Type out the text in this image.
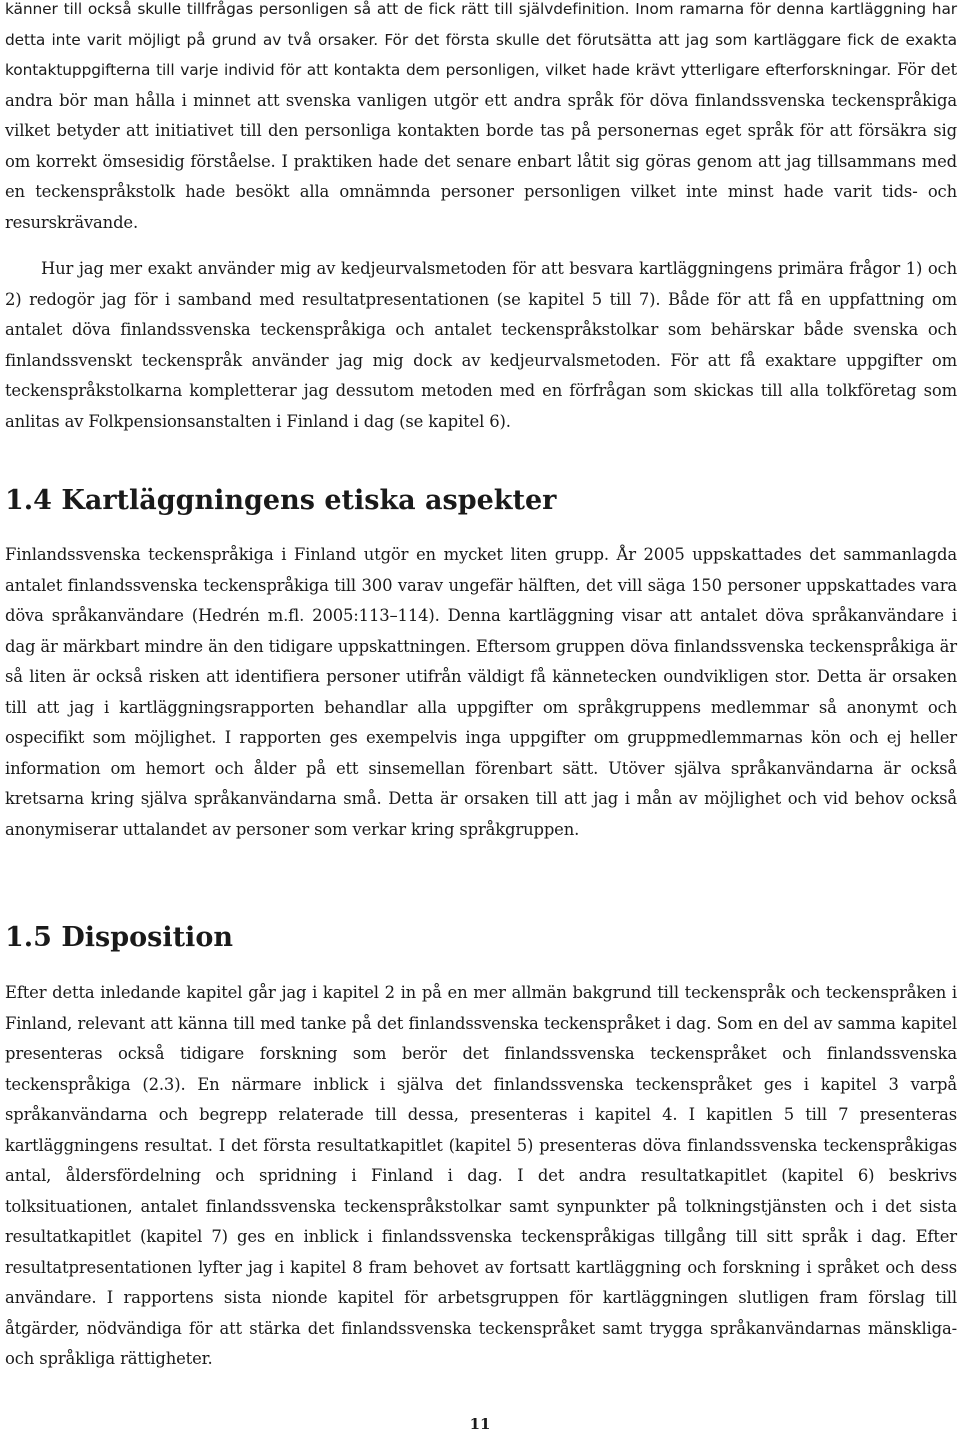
känner till också skulle tillfrågas personligen så att de fick rätt till självdefinition. Inom ramarna för denna kartläggning har detta inte varit möjligt på grund av två orsaker. För det första skulle det förutsätta att jag som kartläggare fick de exakta kontaktuppgifterna till varje individ för att kontakta dem personligen, vilket hade krävt ytterligare efterforskningar. För det andra bör man hålla i minnet att svenska vanligen utgör ett andra språk för döva finlandssvenska teckenspråkiga vilket betyder att initiativet till den personliga kontakten borde tas på personernas eget språk för att försäkra sig om korrekt ömsesidig förståelse. I praktiken hade det senare enbart låtit sig göras genom att jag tillsammans med en teckenspråkstolk hade besökt alla omnämnda personer personligen vilket inte minst hade varit tids- och resurskrävande.

Hur jag mer exakt använder mig av kedjeurvalsmetoden för att besvara kartläggningens primära frågor 1) och 2) redogör jag för i samband med resultatpresentationen (se kapitel 5 till 7). Både för att få en uppfattning om antalet döva finlandssvenska teckenspråkiga och antalet teckenspråkstolkar som behärskar både svenska och finlandssvenskt teckenspråk använder jag mig dock av kedjeurvalsmetoden. För att få exaktare uppgifter om teckenspråkstolkarna kompletterar jag dessutom metoden med en förfrågan som skickas till alla tolkföretag som anlitas av Folkpensionsanstalten i Finland i dag (se kapitel 6).

1.4 Kartläggningens etiska aspekter

Finlandssvenska teckenspråkiga i Finland utgör en mycket liten grupp. År 2005 uppskattades det sammanlagda antalet finlandssvenska teckenspråkiga till 300 varav ungefär hälften, det vill säga 150 personer uppskattades vara döva språkanvändare (Hedrén m.fl. 2005:113–114). Denna kartläggning visar att antalet döva språkanvändare i dag är märkbart mindre än den tidigare uppskattningen. Eftersom gruppen döva finlandssvenska teckenspråkiga är så liten är också risken att identifiera personer utifrån väldigt få kännetecken oundvikligen stor. Detta är orsaken till att jag i kartläggningsrapporten behandlar alla uppgifter om språkgruppens medlemmar så anonymt och ospecifikt som möjlighet. I rapporten ges exempelvis inga uppgifter om gruppmedlemmarnas kön och ej heller information om hemort och ålder på ett sinsemellan förenbart sätt. Utöver själva språkanvändarna är också kretsarna kring själva språkanvändarna små. Detta är orsaken till att jag i mån av möjlighet och vid behov också anonymiserar uttalandet av personer som verkar kring språkgruppen.

1.5 Disposition

Efter detta inledande kapitel går jag i kapitel 2 in på en mer allmän bakgrund till teckenspråk och teckenspråken i Finland, relevant att känna till med tanke på det finlandssvenska teckenspråket i dag. Som en del av samma kapitel presenteras också tidigare forskning som berör det finlandssvenska teckenspråket och finlandssvenska teckenspråkiga (2.3). En närmare inblick i själva det finlandssvenska teckenspråket ges i kapitel 3 varpå språkanvändarna och begrepp relaterade till dessa, presenteras i kapitel 4. I kapitlen 5 till 7 presenteras kartläggningens resultat. I det första resultatkapitlet (kapitel 5) presenteras döva finlandssvenska teckenspråkigas antal, åldersfördelning och spridning i Finland i dag. I det andra resultatkapitlet (kapitel 6) beskrivs tolksituationen, antalet finlandssvenska teckenspråkstolkar samt synpunkter på tolkningstjänsten och i det sista resultatkapitlet (kapitel 7) ges en inblick i finlandssvenska teckenspråkigas tillgång till sitt språk i dag. Efter resultatpresentationen lyfter jag i kapitel 8 fram behovet av fortsatt kartläggning och forskning i språket och dess användare. I rapportens sista nionde kapitel för arbetsgruppen för kartläggningen slutligen fram förslag till åtgärder, nödvändiga för att stärka det finlandssvenska teckenspråket samt trygga språkanvändarnas mänskliga- och språkliga rättigheter.

11
